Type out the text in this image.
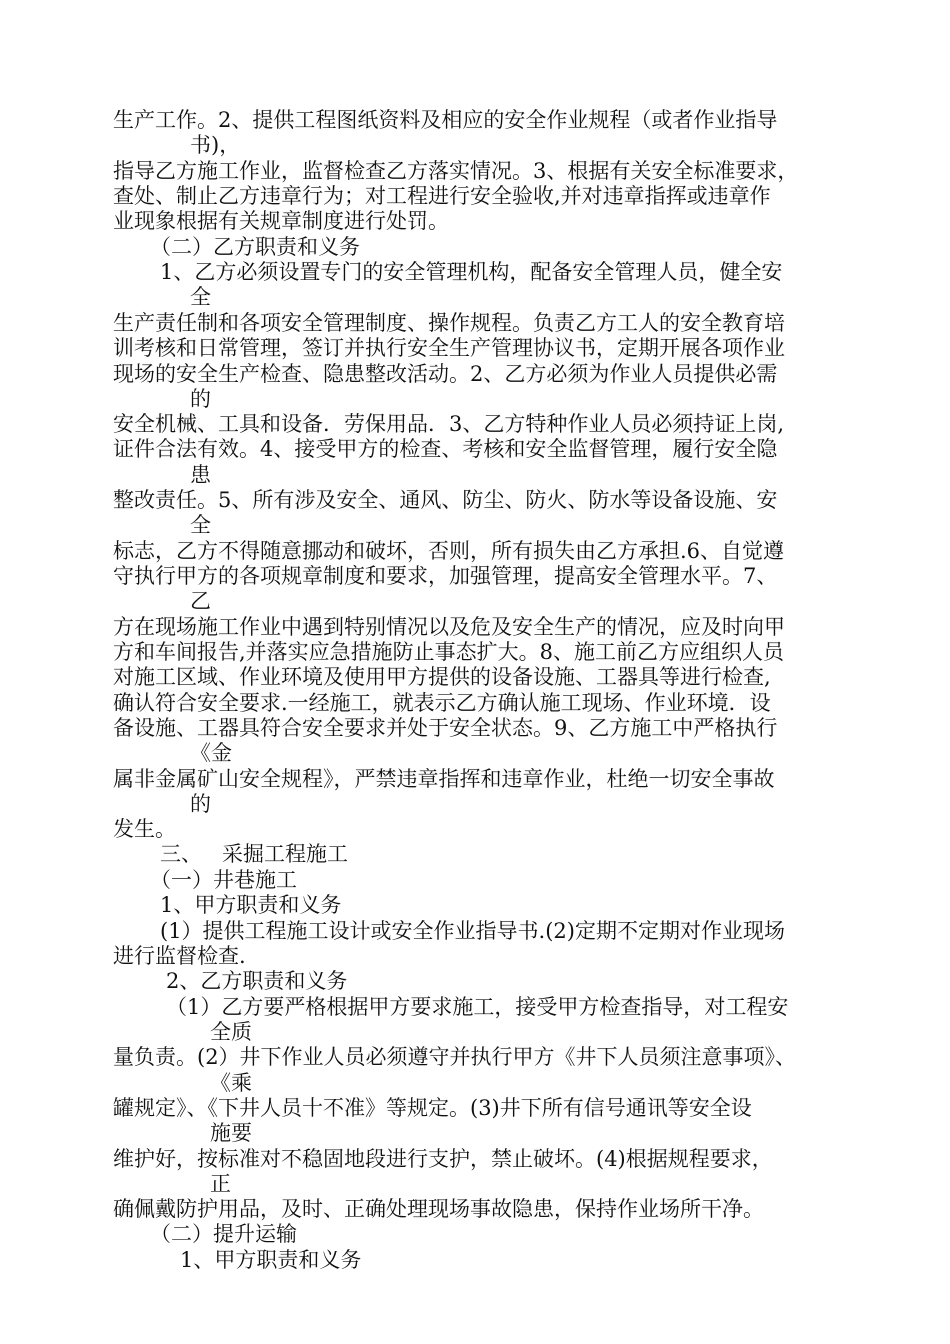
生产工作。2、提供工程图纸资料及相应的安全作业规程（或者作业指导
书)，
指导乙方施工作业，监督检查乙方落实情况。3、根据有关安全标准要求，
查处、制止乙方违章行为；对工程进行安全验收,并对违章指挥或违章作
业现象根据有关规章制度进行处罚。
（二）乙方职责和义务
1、乙方必须设置专门的安全管理机构，配备安全管理人员，健全安
全
生产责任制和各项安全管理制度、操作规程。负责乙方工人的安全教育培
训考核和日常管理，签订并执行安全生产管理协议书，定期开展各项作业
现场的安全生产检查、隐患整改活动。2、乙方必须为作业人员提供必需
的
安全机械、工具和设备．劳保用品．3、乙方特种作业人员必须持证上岗,
证件合法有效。4、接受甲方的检查、考核和安全监督管理，履行安全隐
患
整改责任。5、所有涉及安全、通风、防尘、防火、防水等设备设施、安
全
标志，乙方不得随意挪动和破坏，否则，所有损失由乙方承担.6、自觉遵
守执行甲方的各项规章制度和要求，加强管理，提高安全管理水平。7、
乙
方在现场施工作业中遇到特别情况以及危及安全生产的情况，应及时向甲
方和车间报告,并落实应急措施防止事态扩大。8、施工前乙方应组织人员
对施工区域、作业环境及使用甲方提供的设备设施、工器具等进行检查,
确认符合安全要求.一经施工，就表示乙方确认施工现场、作业环境．设
备设施、工器具符合安全要求并处于安全状态。9、乙方施工中严格执行
《金
属非金属矿山安全规程》，严禁违章指挥和违章作业，杜绝一切安全事故
的
发生。
三、   采掘工程施工
（一）井巷施工
1、甲方职责和义务
(1）提供工程施工设计或安全作业指导书.(2)定期不定期对作业现场
进行监督检查.
2、乙方职责和义务
（1）乙方要严格根据甲方要求施工，接受甲方检查指导，对工程安
全质
量负责。(2）井下作业人员必须遵守并执行甲方《井下人员须注意事项》、
《乘
罐规定》、《下井人员十不准》等规定。(3)井下所有信号通讯等安全设
施要
维护好，按标准对不稳固地段进行支护，禁止破坏。(4)根据规程要求，
正
确佩戴防护用品，及时、正确处理现场事故隐患，保持作业场所干净。
（二）提升运输
1、甲方职责和义务
